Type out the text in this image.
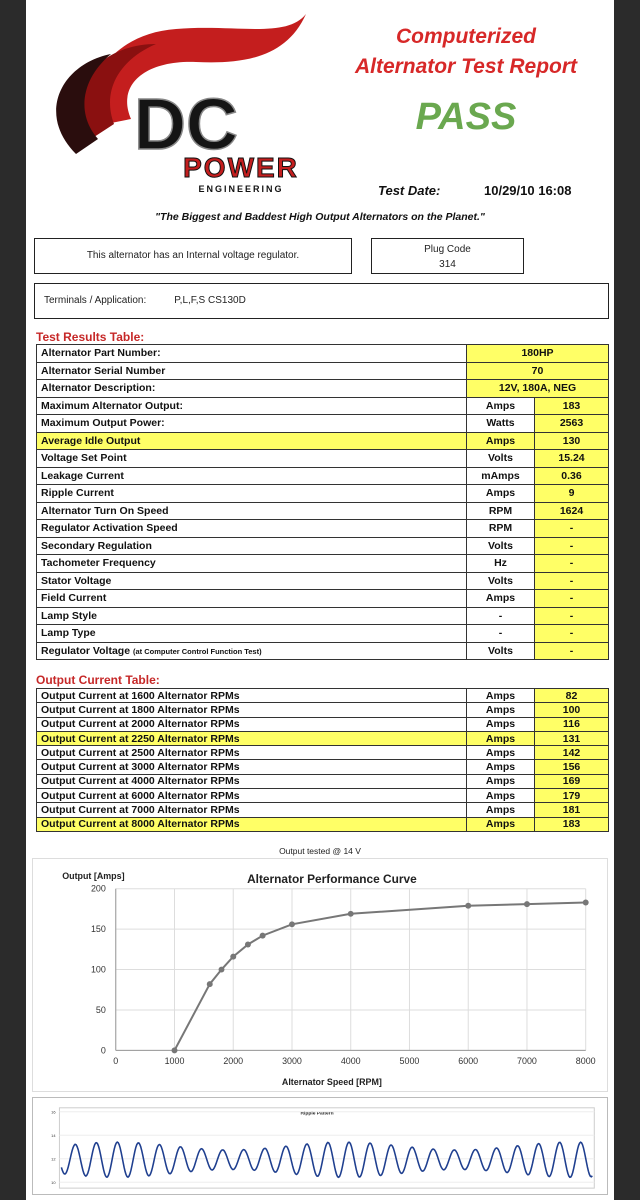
DC
POWER
ENGINEERING
Computerized
Alternator Test Report
PASS
Test Date:	10/29/10 16:08
"The Biggest and Baddest High Output Alternators on the Planet."
This alternator has an Internal voltage regulator.
Plug Code
314
Terminals / Application:	P,L,F,S CS130D
Test Results Table:
Alternator Part Number:	180HP	
Alternator Serial Number	70	
Alternator Description:	12V, 180A, NEG	
Maximum Alternator Output:	Amps	183
Maximum Output Power:	Watts	2563
Average Idle Output	Amps	130
Voltage Set Point	Volts	15.24
Leakage Current	mAmps	0.36
Ripple Current	Amps	9
Alternator Turn On Speed	RPM	1624
Regulator Activation Speed	RPM	-
Secondary Regulation	Volts	-
Tachometer Frequency	Hz	-
Stator Voltage	Volts	-
Field Current	Amps	-
Lamp Style	-	-
Lamp Type	-	-
Regulator Voltage (at Computer Control Function Test)	Volts	-
Output Current Table:
Output Current at 1600 Alternator RPMs	Amps	82
Output Current at 1800 Alternator RPMs	Amps	100
Output Current at 2000 Alternator RPMs	Amps	116
Output Current at 2250 Alternator RPMs	Amps	131
Output Current at 2500 Alternator RPMs	Amps	142
Output Current at 3000 Alternator RPMs	Amps	156
Output Current at 4000 Alternator RPMs	Amps	169
Output Current at 6000 Alternator RPMs	Amps	179
Output Current at 7000 Alternator RPMs	Amps	181
Output Current at 8000 Alternator RPMs	Amps	183
Output tested @ 14 V
0	1000	2000	3000	4000	5000	6000	7000	8000
0
50
100
150
200
Alternator Performance Curve
Output [Amps]
Alternator Speed [RPM]
Ripple Pattern
16
14
12
10
